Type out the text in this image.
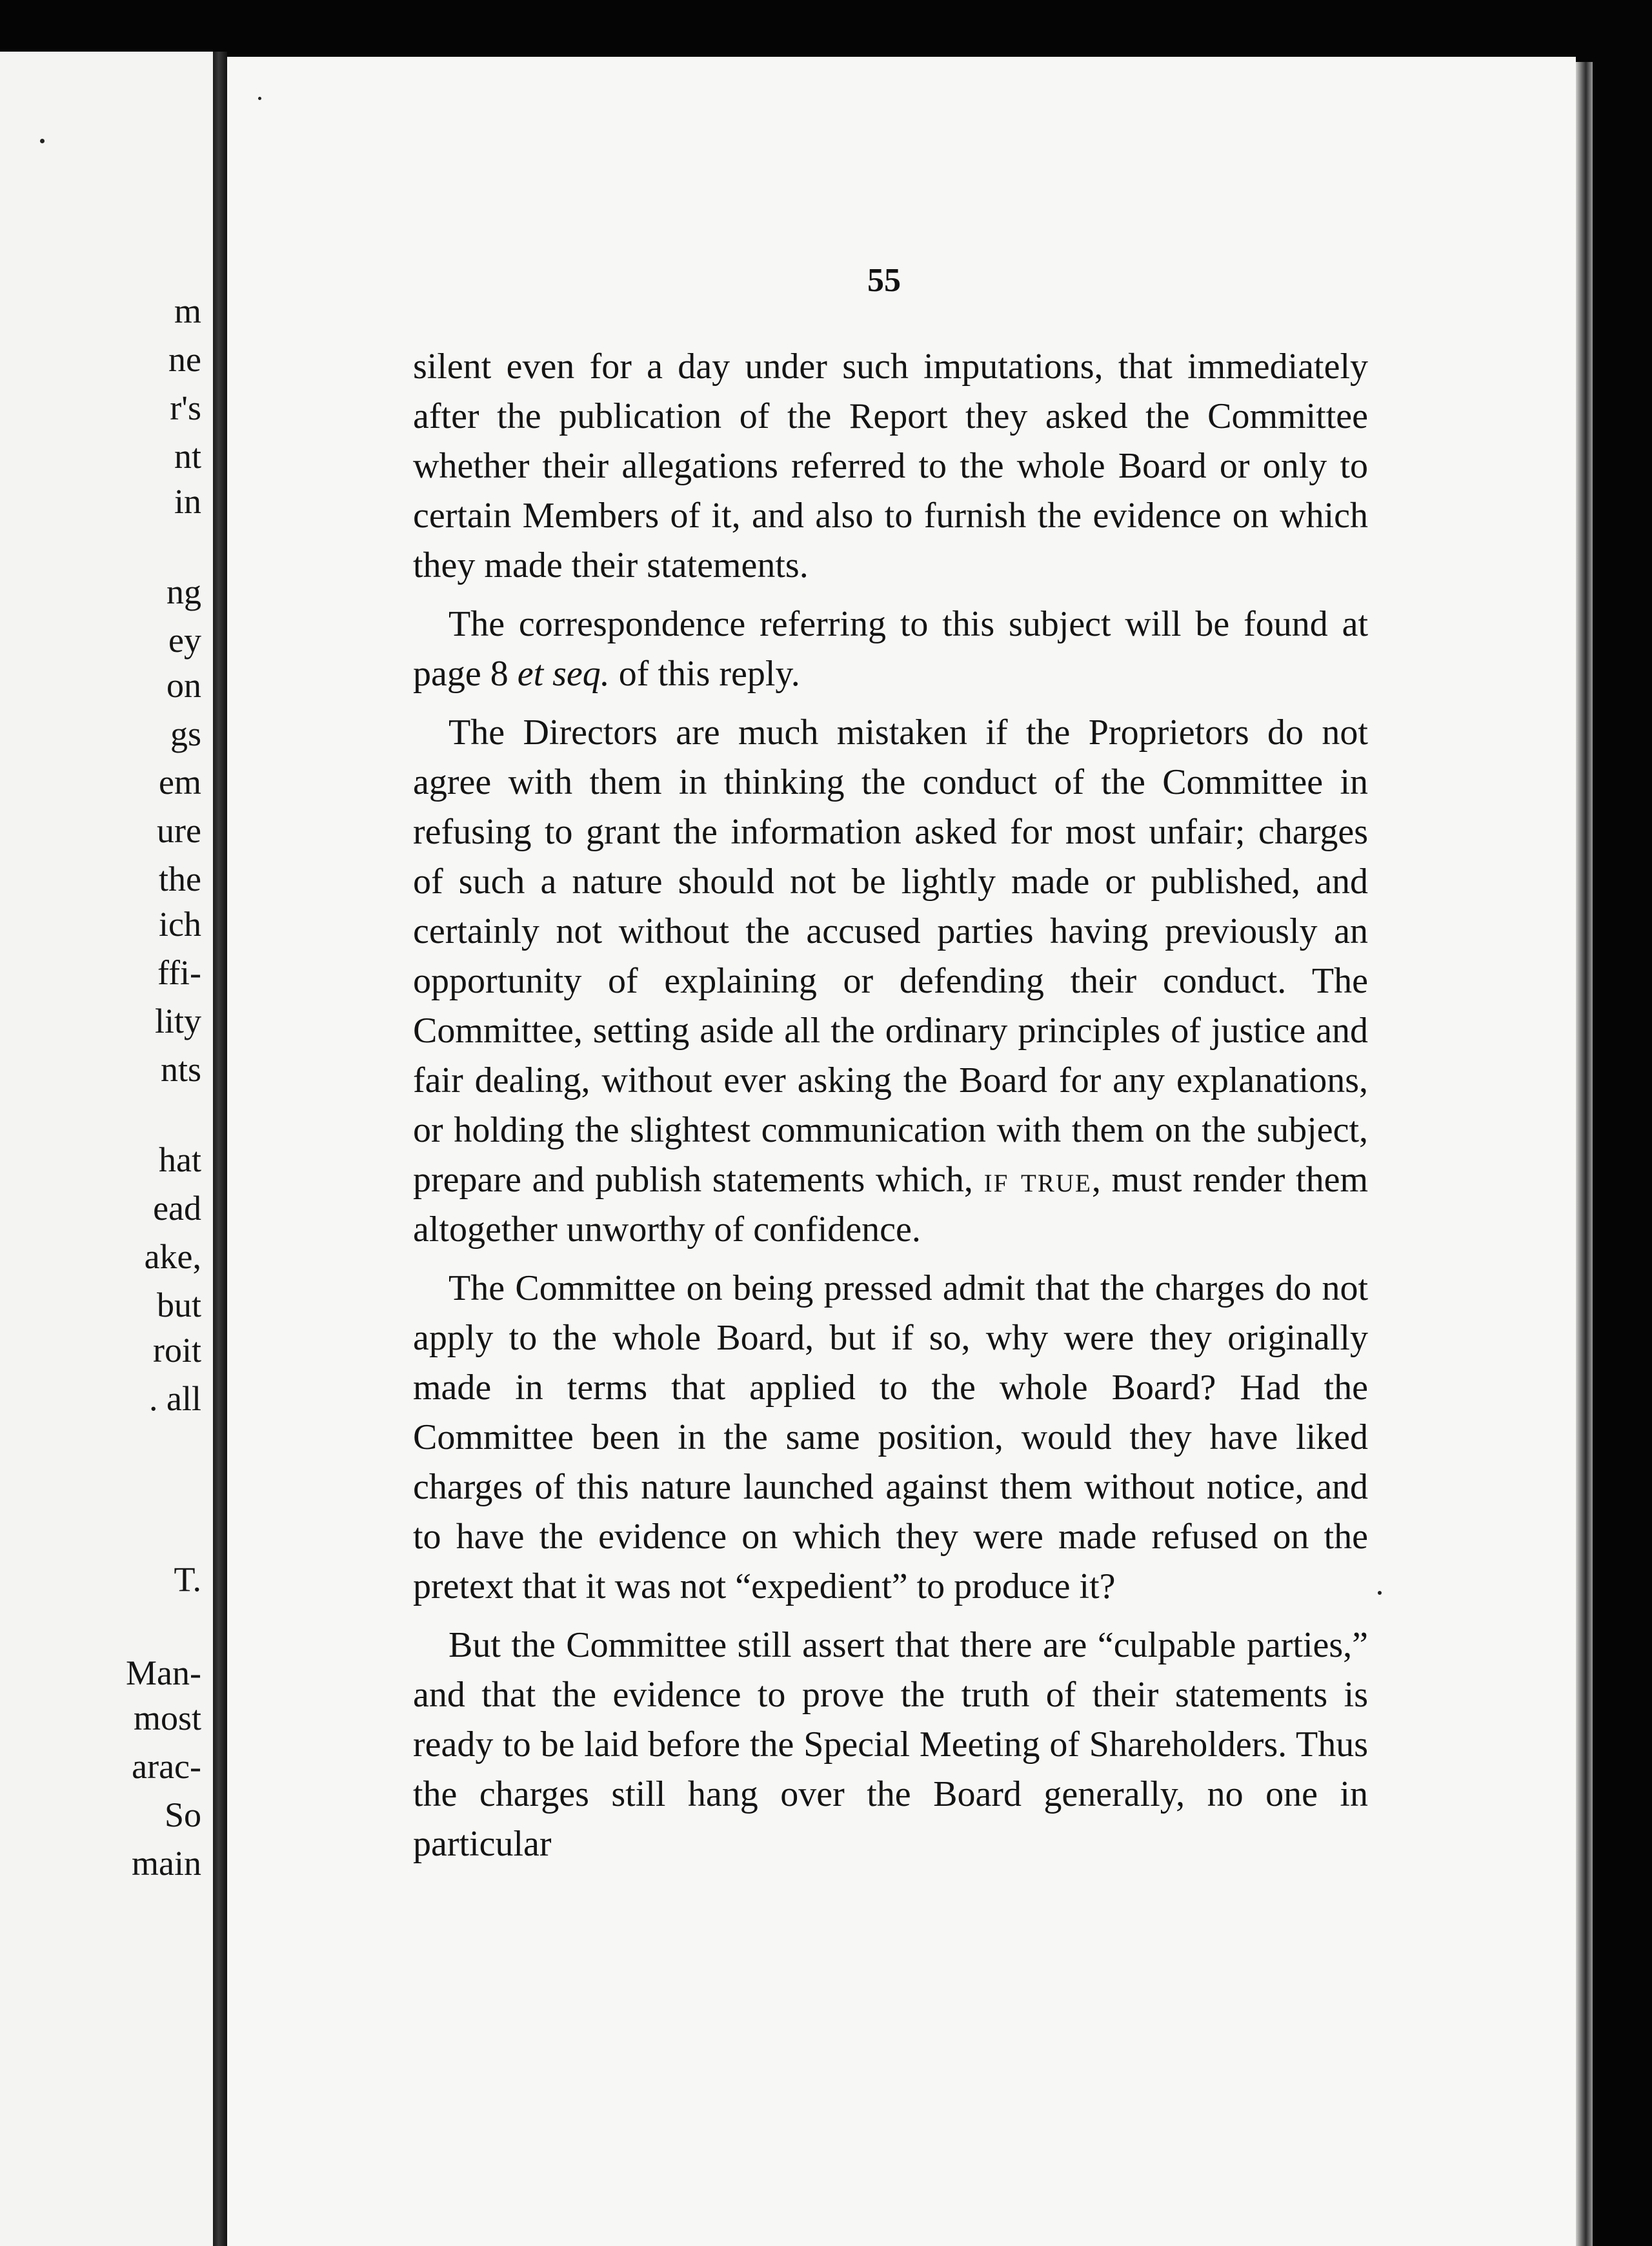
m
ne
r's
nt
in
ng
ey
on
gs
em
ure
the
ich
ffi-
lity
nts
hat
ead
ake,
but
roit
. all
T.
Man-
most
arac-
So
main
55

silent even for a day under such imputations, that immediately after the publication of the Report they asked the Committee whether their allegations referred to the whole Board or only to certain Members of it, and also to furnish the evidence on which they made their statements.

The correspondence referring to this subject will be found at page 8 et seq. of this reply.

The Directors are much mistaken if the Proprietors do not agree with them in thinking the conduct of the Committee in refusing to grant the information asked for most unfair; charges of such a nature should not be lightly made or published, and certainly not without the accused parties having previously an opportunity of explaining or defending their conduct. The Committee, setting aside all the ordinary principles of justice and fair dealing, without ever asking the Board for any explanations, or holding the slightest communication with them on the subject, prepare and publish statements which, if true, must render them altogether unworthy of confidence.

The Committee on being pressed admit that the charges do not apply to the whole Board, but if so, why were they originally made in terms that applied to the whole Board? Had the Committee been in the same position, would they have liked charges of this nature launched against them without notice, and to have the evidence on which they were made refused on the pretext that it was not “expedient” to produce it?

But the Committee still assert that there are “culpable parties,” and that the evidence to prove the truth of their statements is ready to be laid before the Special Meeting of Shareholders. Thus the charges still hang over the Board generally, no one in particular
